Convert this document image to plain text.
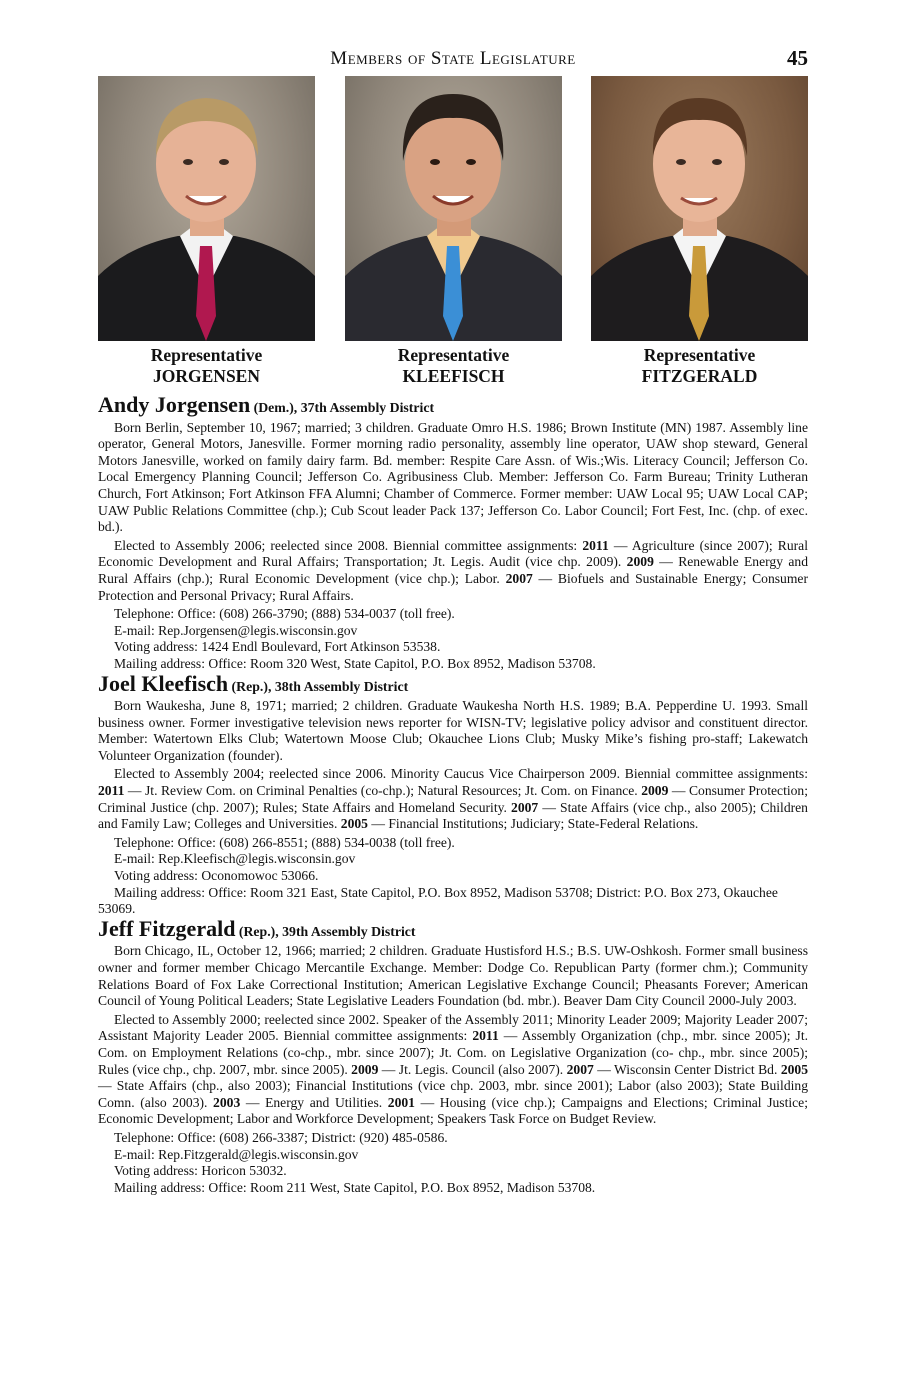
Members of State Legislature	45
Representative
JORGENSEN
Representative
KLEEFISCH
Representative
FITZGERALD
Andy Jorgensen (Dem.), 37th Assembly District

Born Berlin, September 10, 1967; married; 3 children. Graduate Omro H.S. 1986; Brown Institute (MN) 1987. Assembly line operator, General Motors, Janesville. Former morning radio personality, assembly line operator, UAW shop steward, General Motors Janesville, worked on family dairy farm. Bd. member: Respite Care Assn. of Wis.;Wis. Literacy Council; Jefferson Co. Local Emergency Planning Council; Jefferson Co. Agribusiness Club. Member: Jefferson Co. Farm Bureau; Trinity Lutheran Church, Fort Atkinson; Fort Atkinson FFA Alumni; Chamber of Commerce. Former member: UAW Local 95; UAW Local CAP; UAW Public Relations Committee (chp.); Cub Scout leader Pack 137; Jefferson Co. Labor Council; Fort Fest, Inc. (chp. of exec. bd.).

Elected to Assembly 2006; reelected since 2008. Biennial committee assignments: 2011 — Agriculture (since 2007); Rural Economic Development and Rural Affairs; Transportation; Jt. Legis. Audit (vice chp. 2009). 2009 — Renewable Energy and Rural Affairs (chp.); Rural Economic Development (vice chp.); Labor. 2007 — Biofuels and Sustainable Energy; Consumer Protection and Personal Privacy; Rural Affairs.

Telephone: Office: (608) 266-3790; (888) 534-0037 (toll free).

E-mail: Rep.Jorgensen@legis.wisconsin.gov

Voting address: 1424 Endl Boulevard, Fort Atkinson 53538.

Mailing address: Office: Room 320 West, State Capitol, P.O. Box 8952, Madison 53708.

Joel Kleefisch (Rep.), 38th Assembly District

Born Waukesha, June 8, 1971; married; 2 children. Graduate Waukesha North H.S. 1989; B.A. Pepperdine U. 1993. Small business owner. Former investigative television news reporter for WISN-TV; legislative policy advisor and constituent director. Member: Watertown Elks Club; Watertown Moose Club; Okauchee Lions Club; Musky Mike’s fishing pro-staff; Lakewatch Volunteer Organization (founder).

Elected to Assembly 2004; reelected since 2006. Minority Caucus Vice Chairperson 2009. Biennial committee assignments: 2011 — Jt. Review Com. on Criminal Penalties (co-chp.); Natural Resources; Jt. Com. on Finance. 2009 — Consumer Protection; Criminal Justice (chp. 2007); Rules; State Affairs and Homeland Security. 2007 — State Affairs (vice chp., also 2005); Children and Family Law; Colleges and Universities. 2005 — Financial Institutions; Judiciary; State-Federal Relations.

Telephone: Office: (608) 266-8551; (888) 534-0038 (toll free).

E-mail: Rep.Kleefisch@legis.wisconsin.gov

Voting address: Oconomowoc 53066.

Mailing address: Office: Room 321 East, State Capitol, P.O. Box 8952, Madison 53708; District: P.O. Box 273, Okauchee 53069.

Jeff Fitzgerald (Rep.), 39th Assembly District

Born Chicago, IL, October 12, 1966; married; 2 children. Graduate Hustisford H.S.; B.S. UW-Oshkosh. Former small business owner and former member Chicago Mercantile Exchange. Member: Dodge Co. Republican Party (former chm.); Community Relations Board of Fox Lake Correctional Institution; American Legislative Exchange Council; Pheasants Forever; American Council of Young Political Leaders; State Legislative Leaders Foundation (bd. mbr.). Beaver Dam City Council 2000-July 2003.

Elected to Assembly 2000; reelected since 2002. Speaker of the Assembly 2011; Minority Leader 2009; Majority Leader 2007; Assistant Majority Leader 2005. Biennial committee assignments: 2011 — Assembly Organization (chp., mbr. since 2005); Jt. Com. on Employment Relations (co-chp., mbr. since 2007); Jt. Com. on Legislative Organization (co- chp., mbr. since 2005); Rules (vice chp., chp. 2007, mbr. since 2005). 2009 — Jt. Legis. Council (also 2007). 2007 — Wisconsin Center District Bd. 2005 — State Affairs (chp., also 2003); Financial Institutions (vice chp. 2003, mbr. since 2001); Labor (also 2003); State Building Comn. (also 2003). 2003 — Energy and Utilities. 2001 — Housing (vice chp.); Campaigns and Elections; Criminal Justice; Economic Development; Labor and Workforce Development; Speakers Task Force on Budget Review.

Telephone: Office: (608) 266-3387; District: (920) 485-0586.

E-mail: Rep.Fitzgerald@legis.wisconsin.gov

Voting address: Horicon 53032.

Mailing address: Office: Room 211 West, State Capitol, P.O. Box 8952, Madison 53708.
